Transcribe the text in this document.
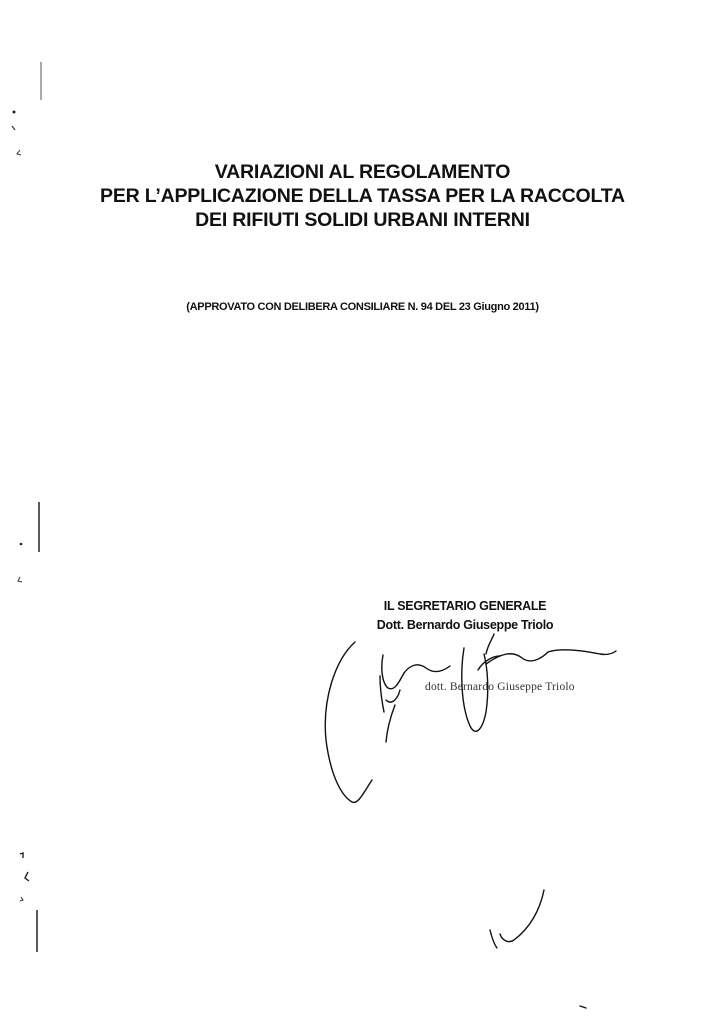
VARIAZIONI AL REGOLAMENTO
PER L’APPLICAZIONE DELLA TASSA PER LA RACCOLTA
DEI RIFIUTI SOLIDI URBANI INTERNI
(APPROVATO CON DELIBERA CONSILIARE N. 94 DEL 23 Giugno 2011)
IL SEGRETARIO GENERALE
Dott. Bernardo Giuseppe Triolo
dott. Bernardo Giuseppe Triolo
